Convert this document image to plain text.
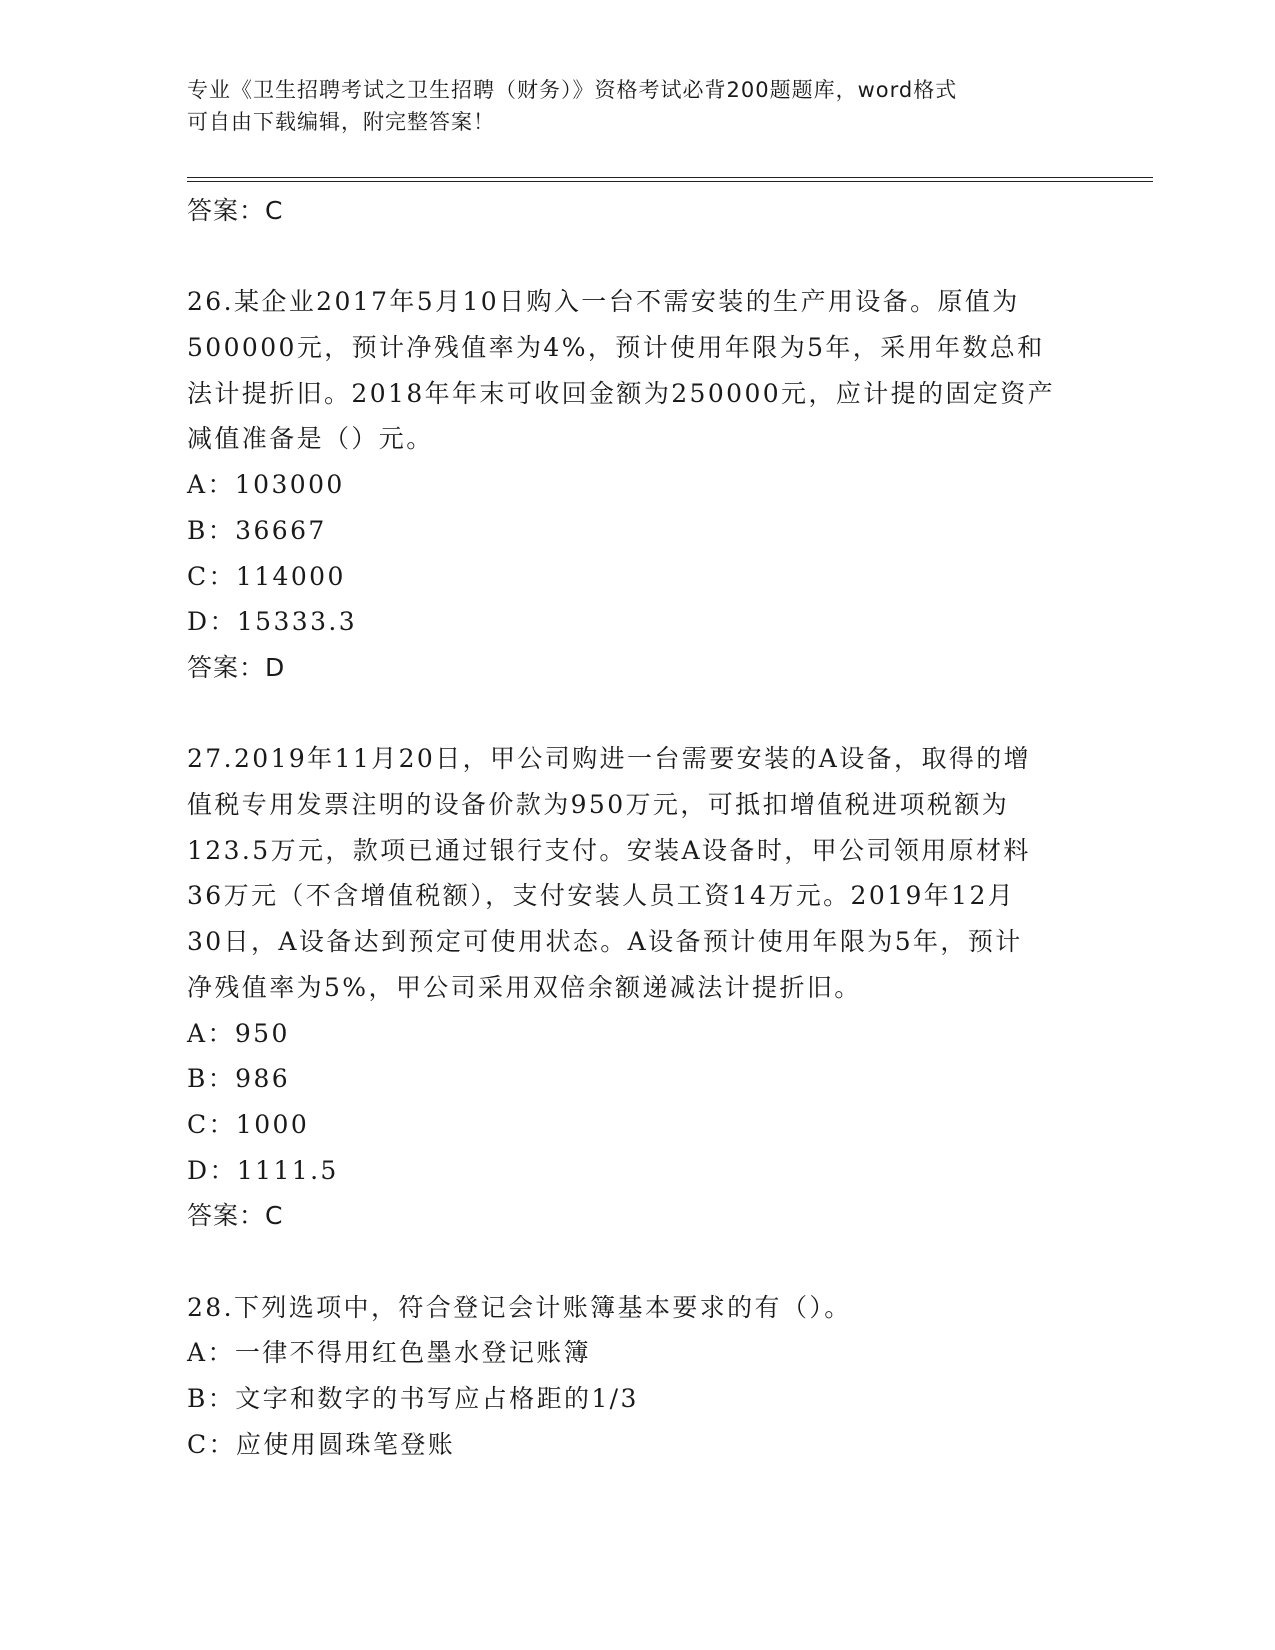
专业《卫生招聘考试之卫生招聘（财务）》资格考试必背200题题库，word格式
可自由下载编辑，附完整答案！
答案：C
26.某企业2017年5月10日购入一台不需安装的生产用设备。原值为
500000元，预计净残值率为4%，预计使用年限为5年，采用年数总和
法计提折旧。2018年年末可收回金额为250000元，应计提的固定资产
减值准备是（）元。
A：103000
B：36667
C：114000
D：15333.3
答案：D
27.2019年11月20日，甲公司购进一台需要安装的A设备，取得的增
值税专用发票注明的设备价款为950万元，可抵扣增值税进项税额为
123.5万元，款项已通过银行支付。安装A设备时，甲公司领用原材料
36万元（不含增值税额），支付安装人员工资14万元。2019年12月
30日，A设备达到预定可使用状态。A设备预计使用年限为5年，预计
净残值率为5%，甲公司采用双倍余额递减法计提折旧。
A：950
B：986
C：1000
D：1111.5
答案：C
28.下列选项中，符合登记会计账簿基本要求的有（）。
A：一律不得用红色墨水登记账簿
B：文字和数字的书写应占格距的1/3
C：应使用圆珠笔登账
